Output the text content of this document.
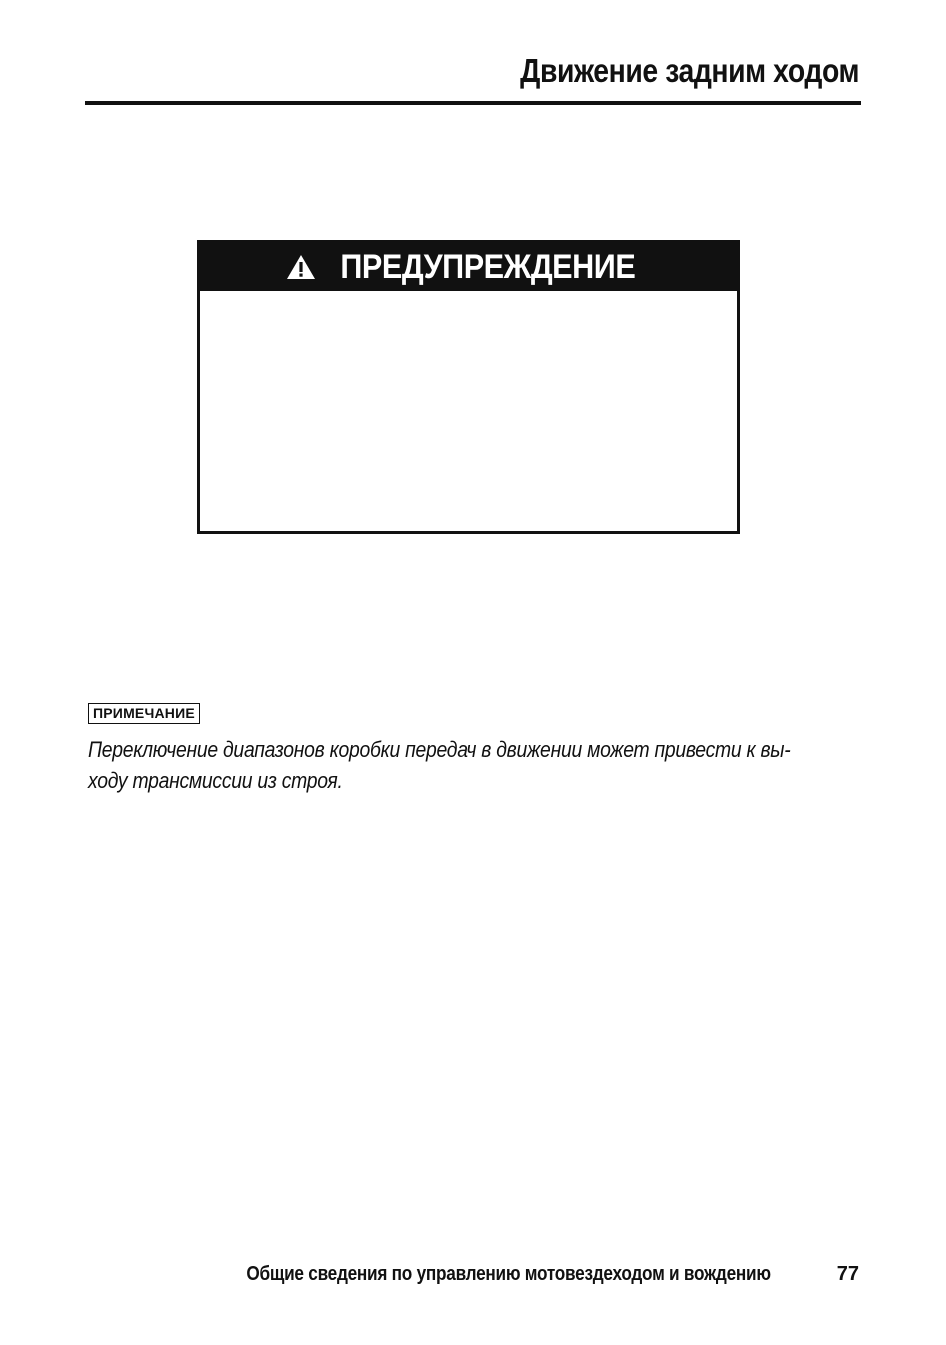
Движение задним ходом
ПРЕДУПРЕЖДЕНИЕ
ПРИМЕЧАНИЕ
Переключение диапазонов коробки передач в движении может привести к вы-
ходу трансмиссии из строя.
Общие сведения по управлению мотовездеходом и вождению	77
